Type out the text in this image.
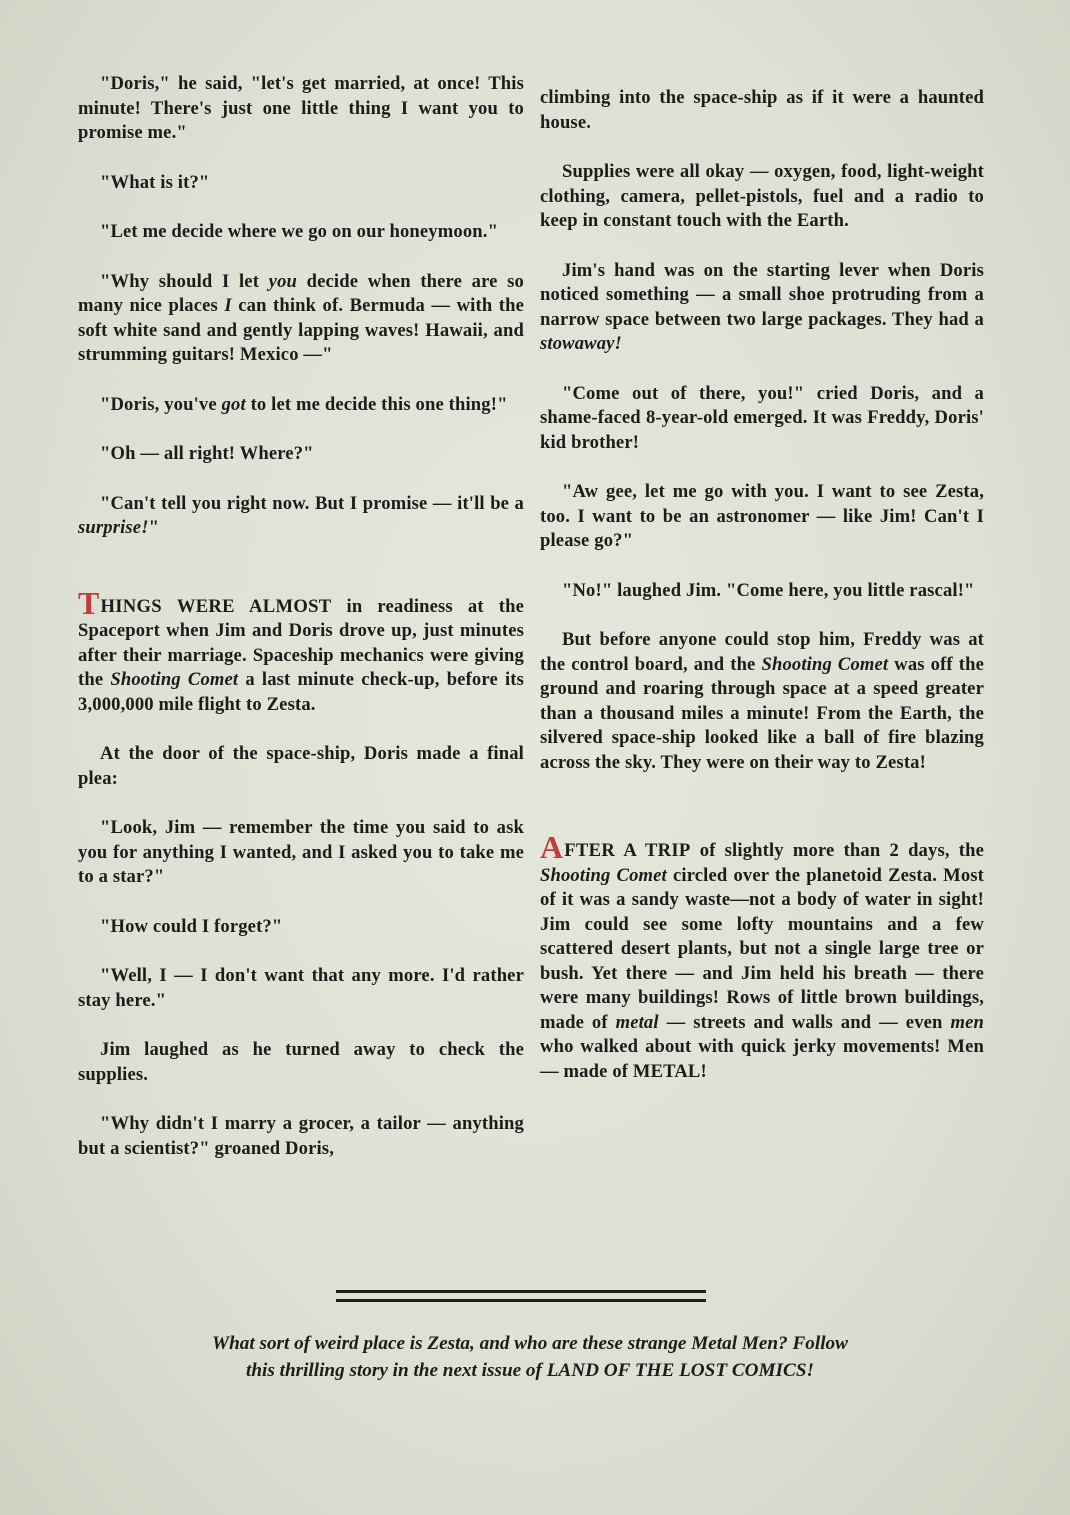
"Doris," he said, "let's get married, at once! This minute! There's just one little thing I want you to promise me."

"What is it?"

"Let me decide where we go on our honeymoon."

"Why should I let you decide when there are so many nice places I can think of. Bermuda — with the soft white sand and gently lapping waves! Hawaii, and strumming guitars! Mexico —"

"Doris, you've got to let me decide this one thing!"

"Oh — all right! Where?"

"Can't tell you right now. But I promise — it'll be a surprise!"

THINGS WERE ALMOST in readiness at the Spaceport when Jim and Doris drove up, just minutes after their marriage. Spaceship mechanics were giving the Shooting Comet a last minute check-up, before its 3,000,000 mile flight to Zesta.

At the door of the space-ship, Doris made a final plea:

"Look, Jim — remember the time you said to ask you for anything I wanted, and I asked you to take me to a star?"

"How could I forget?"

"Well, I — I don't want that any more. I'd rather stay here."

Jim laughed as he turned away to check the supplies.

"Why didn't I marry a grocer, a tailor — anything but a scientist?" groaned Doris,

climbing into the space-ship as if it were a haunted house.

Supplies were all okay — oxygen, food, light-weight clothing, camera, pellet-pistols, fuel and a radio to keep in constant touch with the Earth.

Jim's hand was on the starting lever when Doris noticed something — a small shoe protruding from a narrow space between two large packages. They had a stowaway!

"Come out of there, you!" cried Doris, and a shame-faced 8-year-old emerged. It was Freddy, Doris' kid brother!

"Aw gee, let me go with you. I want to see Zesta, too. I want to be an astronomer — like Jim! Can't I please go?"

"No!" laughed Jim. "Come here, you little rascal!"

But before anyone could stop him, Freddy was at the control board, and the Shooting Comet was off the ground and roaring through space at a speed greater than a thousand miles a minute! From the Earth, the silvered space-ship looked like a ball of fire blazing across the sky. They were on their way to Zesta!

AFTER A TRIP of slightly more than 2 days, the Shooting Comet circled over the planetoid Zesta. Most of it was a sandy waste—not a body of water in sight! Jim could see some lofty mountains and a few scattered desert plants, but not a single large tree or bush. Yet there — and Jim held his breath — there were many buildings! Rows of little brown buildings, made of metal — streets and walls and — even men who walked about with quick jerky movements! Men — made of METAL!

What sort of weird place is Zesta, and who are these strange Metal Men? Follow
this thrilling story in the next issue of LAND OF THE LOST COMICS!
